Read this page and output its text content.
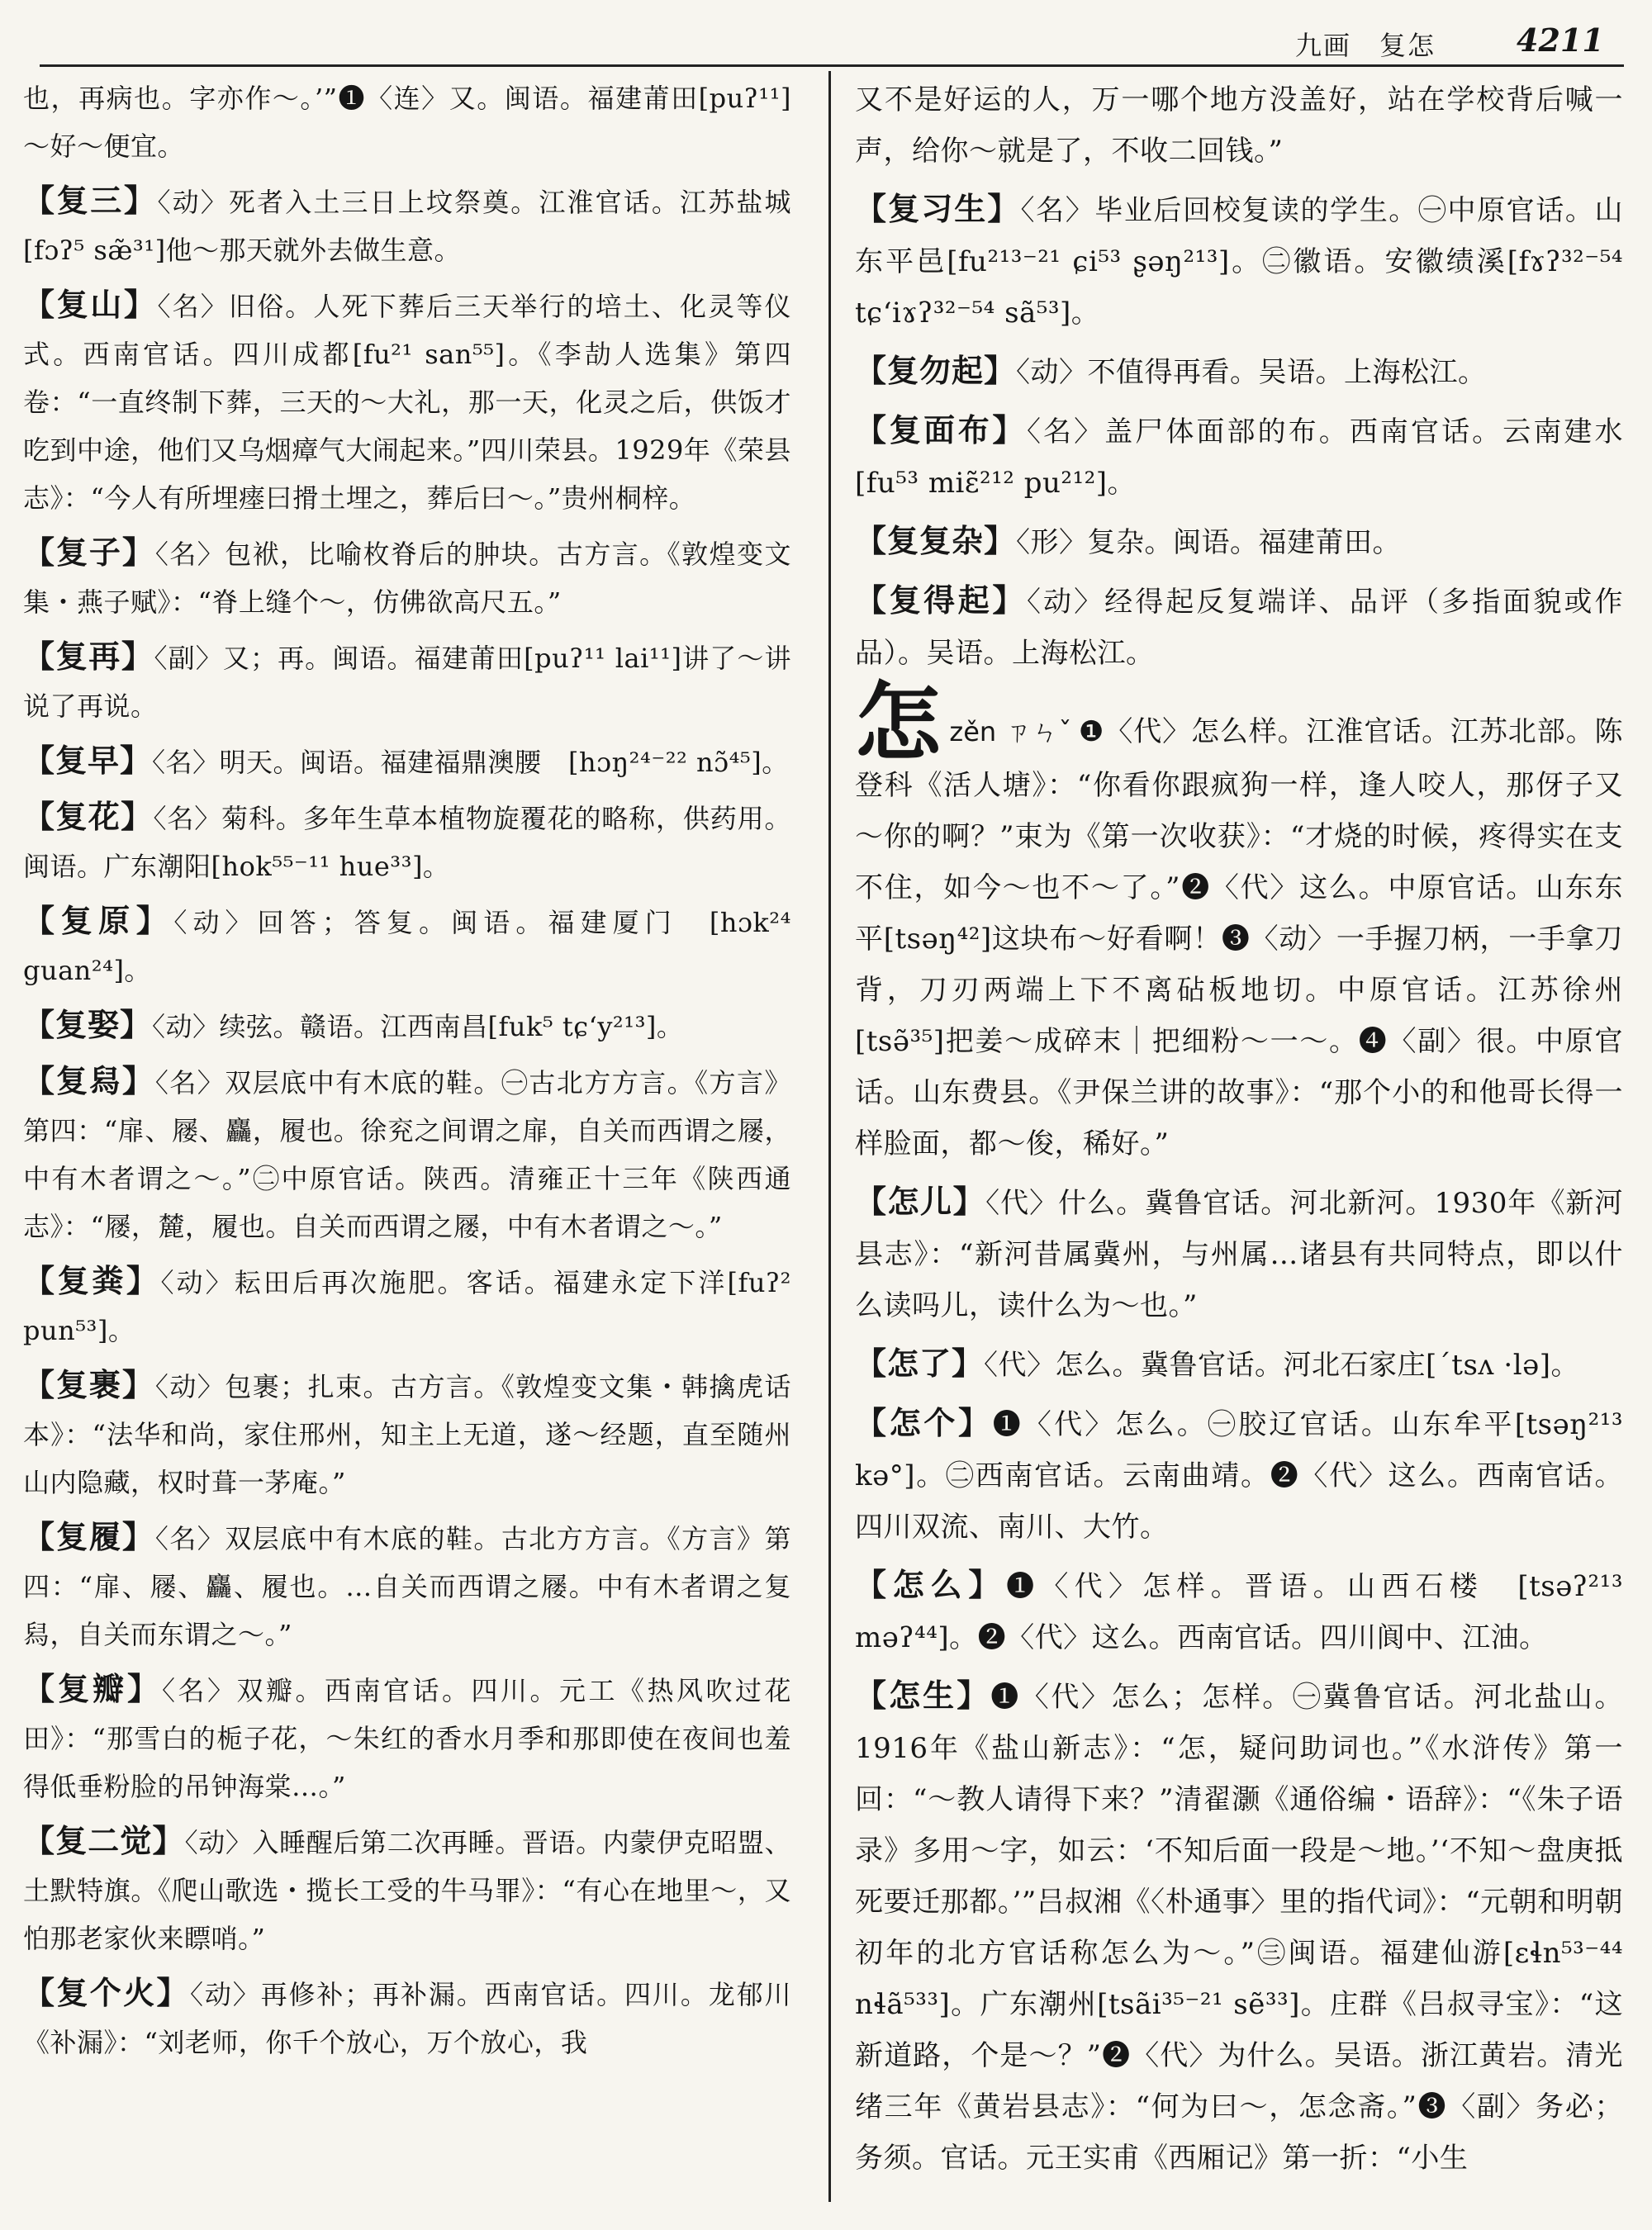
九画　复怎	4211

也，再病也。字亦作～。’”❶〈连〉又。闽语。福建莆田[puʔ¹¹]～好～便宜。

【 复三 】 〈动〉死者入土三日上坟祭奠。江淮官话。江苏盐城[fɔʔ⁵ sæ̃³¹]他～那天就外去做生意。

【 复山 】 〈名〉旧俗。人死下葬后三天举行的培土、化灵等仪式。西南官话。四川成都[fu²¹ san⁵⁵]。《李劼人选集》第四卷：“一直终制下葬，三天的～大礼，那一天，化灵之后，供饭才吃到中途，他们又乌烟瘴气大闹起来。”四川荣县。1929年《荣县志》：“今人有所埋瘗曰搰土埋之，葬后曰～。”贵州桐梓。

【 复子 】 〈名〉包袱，比喻枚脊后的肿块。古方言。《敦煌变文集・燕子赋》：“脊上缝个～，仿佛欲高尺五。”

【 复再 】 〈副〉又；再。闽语。福建莆田[puʔ¹¹ lai¹¹]讲了～讲说了再说。

【 复早 】 〈名〉明天。闽语。福建福鼎澳腰　[hɔŋ²⁴⁻²² nɔ̃⁴⁵]。

【 复花 】 〈名〉菊科。多年生草本植物旋覆花的略称，供药用。闽语。广东潮阳[hok⁵⁵⁻¹¹ hue³³]。

【 复原 】 〈动〉回答；答复。闽语。福建厦门　[hɔk²⁴ guan²⁴]。

【 复娶 】 〈动〉续弦。赣语。江西南昌[fuk⁵ tɕʻy²¹³]。

【 复舄 】 〈名〉双层底中有木底的鞋。㊀古北方方言。《方言》第四：“扉、屦、麤，履也。徐兖之间谓之扉，自关而西谓之屦，中有木者谓之～。”㊁中原官话。陕西。清雍正十三年《陕西通志》：“屦，麓，履也。自关而西谓之屦，中有木者谓之～。”

【 复粪 】 〈动〉耘田后再次施肥。客话。福建永定下洋[fuʔ² pun⁵³]。

【 复裹 】 〈动〉包裹；扎束。古方言。《敦煌变文集・韩擒虎话本》：“法华和尚，家住邢州，知主上无道，遂～经题，直至随州山内隐藏，权时葺一茅庵。”

【 复履 】 〈名〉双层底中有木底的鞋。古北方方言。《方言》第四：“扉、屦、麤、履也。…自关而西谓之屦。中有木者谓之复舄，自关而东谓之～。”

【 复瓣 】 〈名〉双瓣。西南官话。四川。元工《热风吹过花田》：“那雪白的栀子花，～朱红的香水月季和那即使在夜间也羞得低垂粉脸的吊钟海棠…。”

【 复二觉 】 〈动〉入睡醒后第二次再睡。晋语。内蒙伊克昭盟、土默特旗。《爬山歌选・揽长工受的牛马罪》：“有心在地里～，又怕那老家伙来瞟哨。”

【 复个火 】 〈动〉再修补；再补漏。西南官话。四川。龙郁川《补漏》：“刘老师，你千个放心，万个放心，我

又不是好运的人，万一哪个地方没盖好，站在学校背后喊一声，给你～就是了，不收二回钱。”

【 复习生 】 〈名〉毕业后回校复读的学生。㊀中原官话。山东平邑[fu²¹³⁻²¹ ɕi⁵³ ʂəŋ²¹³]。㊁徽语。安徽绩溪[fɤʔ³²⁻⁵⁴ tɕʻiɤʔ³²⁻⁵⁴ sã⁵³]。

【 复勿起 】 〈动〉不值得再看。吴语。上海松江。

【 复面布 】 〈名〉盖尸体面部的布。西南官话。云南建水[fu⁵³ miɛ̃²¹² pu²¹²]。

【 复复杂 】 〈形〉复杂。闽语。福建莆田。

【 复得起 】 〈动〉经得起反复端详、品评（多指面貌或作品）。吴语。上海松江。

怎zěn ㄗㄣˇ ❶〈代〉怎么样。江淮官话。江苏北部。陈登科《活人塘》：“你看你跟疯狗一样，逢人咬人，那伢子又～你的啊？”束为《第一次收获》：“才烧的时候，疼得实在支不住，如今～也不～了。”❷〈代〉这么。中原官话。山东东平[tsəŋ⁴²]这块布～好看啊！❸〈动〉一手握刀柄，一手拿刀背，刀刃两端上下不离砧板地切。中原官话。江苏徐州[tsə̃³⁵]把姜～成碎末｜把细粉～一～。❹〈副〉很。中原官话。山东费县。《尹保兰讲的故事》：“那个小的和他哥长得一样脸面，都～俊，稀好。”

【 怎儿 】 〈代〉什么。冀鲁官话。河北新河。1930年《新河县志》：“新河昔属冀州，与州属…诸县有共同特点，即以什么读吗儿，读什么为～也。”

【 怎了 】 〈代〉怎么。冀鲁官话。河北石家庄[ˊtsʌ ·lə]。

【 怎个 】 ❶〈代〉怎么。㊀胶辽官话。山东牟平[tsəŋ²¹³ kə°]。㊁西南官话。云南曲靖。❷〈代〉这么。西南官话。四川双流、南川、大竹。

【 怎么 】 ❶〈代〉怎样。晋语。山西石楼　[tsəʔ²¹³ məʔ⁴⁴]。❷〈代〉这么。西南官话。四川阆中、江油。

【 怎生 】 ❶〈代〉怎么；怎样。㊀冀鲁官话。河北盐山。1916年《盐山新志》：“怎，疑问助词也。”《水浒传》第一回：“～教人请得下来？”清翟灏《通俗编・语辞》：“《朱子语录》多用～字，如云：‘不知后面一段是～地。’‘不知～盘庚抵死要迁那都。’”吕叔湘《〈朴通事〉里的指代词》：“元朝和明朝初年的北方官话称怎么为～。”㊂闽语。福建仙游[ɛɬn⁵³⁻⁴⁴ nɬã⁵³³]。广东潮州[tsãi³⁵⁻²¹ sẽ³³]。庄群《吕叔寻宝》：“这新道路，个是～？”❷〈代〉为什么。吴语。浙江黄岩。清光绪三年《黄岩县志》：“何为曰～，怎念斋。”❸〈副〉务必；务须。官话。元王实甫《西厢记》第一折：“小生
